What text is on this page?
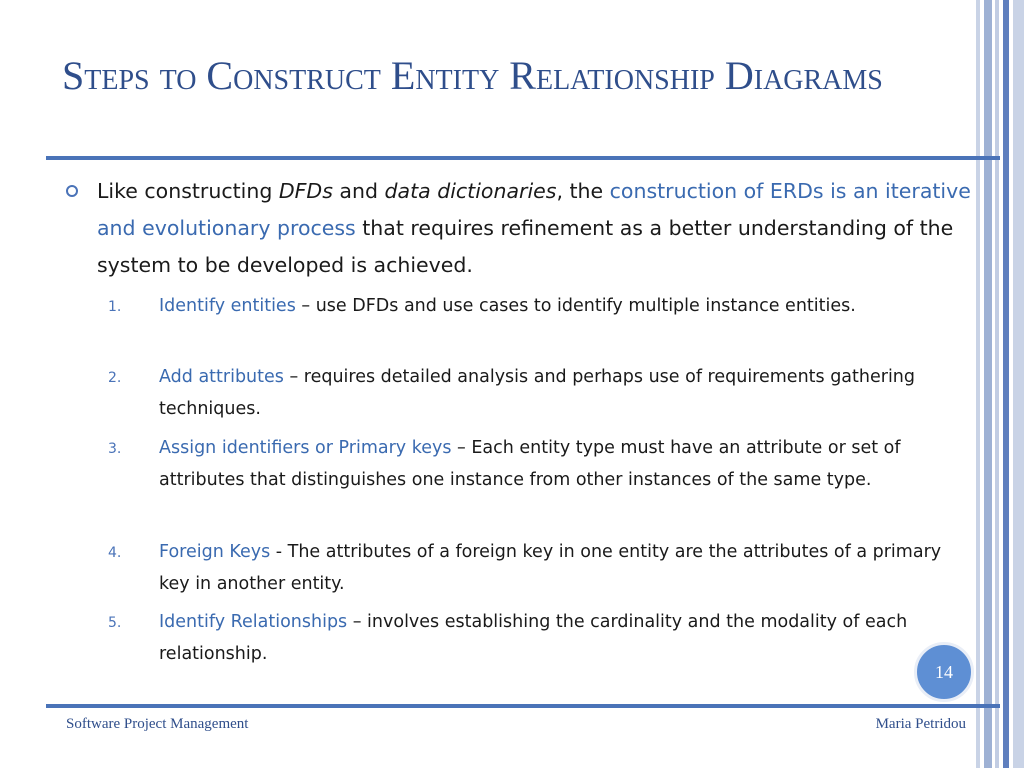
Steps to Construct Entity Relationship Diagrams

Like constructing DFDs and data dictionaries, the construction of ERDs is an iterative and evolutionary process that requires refinement as a better understanding of the system to be developed is achieved.

1.	Identify entities – use DFDs and use cases to identify multiple instance entities.

2.	Add attributes – requires detailed analysis and perhaps use of requirements gathering techniques.

3.	Assign identifiers or Primary keys – Each entity type must have an attribute or set of attributes that distinguishes one instance from other instances of the same type.

4.	Foreign Keys - The attributes of a foreign key in one entity are the attributes of a primary key in another entity.

5.	Identify Relationships – involves establishing the cardinality and the modality of each relationship.

14
Software Project Management	Maria Petridou
